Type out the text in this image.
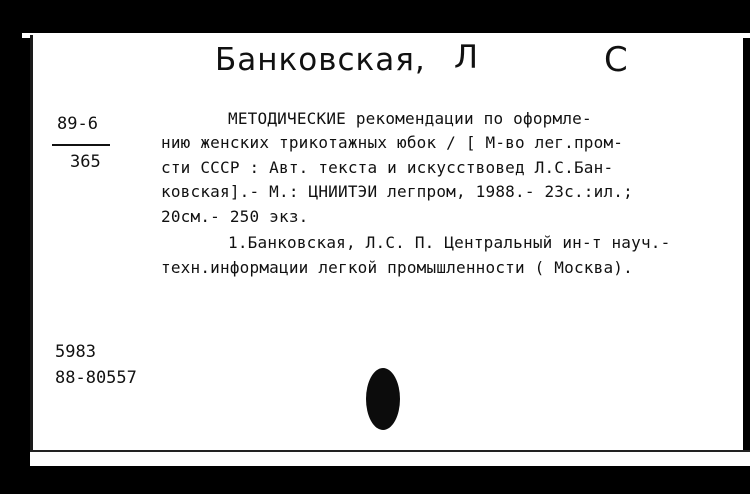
Банковская, Л	С
89-6
365
МЕТОДИЧЕСКИЕ рекомендации по оформле-
нию женских трикотажных юбок / [ М-во лег.пром-
сти СССР : Авт. текста и искусствовед Л.С.Бан-
ковская].- М.: ЦНИИТЭИ легпром, 1988.- 23с.:ил.;
20см.- 250 экз.
1.Банковская, Л.С. П. Центральный ин-т науч.-
техн.информации легкой промышленности ( Москва).
5983
88-80557
